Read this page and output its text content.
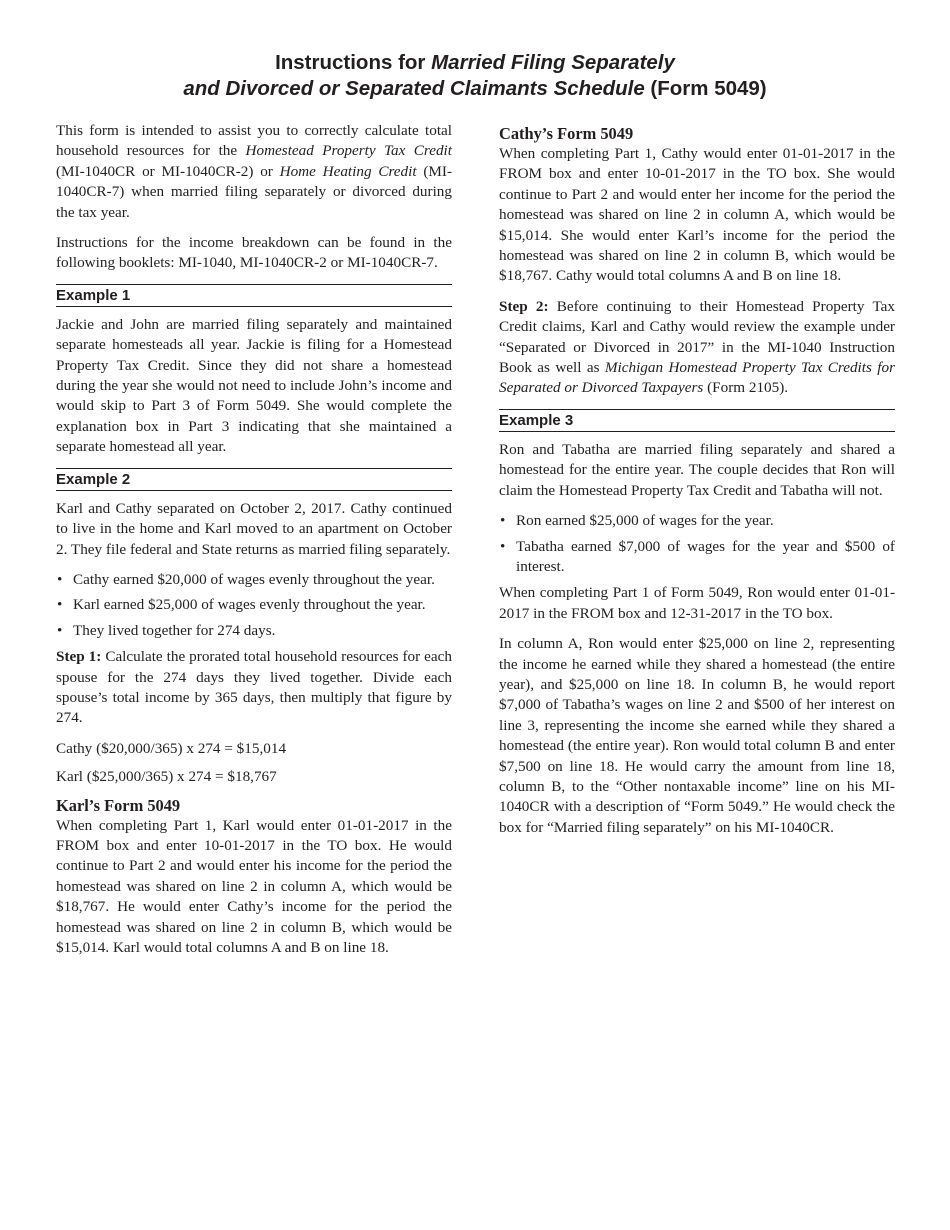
Instructions for Married Filing Separately
and Divorced or Separated Claimants Schedule (Form 5049)

This form is intended to assist you to correctly calculate total household resources for the Homestead Property Tax Credit (MI-1040CR or MI-1040CR-2) or Home Heating Credit (MI-1040CR-7) when married filing separately or divorced during the tax year.

Instructions for the income breakdown can be found in the following booklets: MI-1040, MI-1040CR-2 or MI-1040CR-7.

Example 1

Jackie and John are married filing separately and maintained separate homesteads all year. Jackie is filing for a Homestead Property Tax Credit. Since they did not share a homestead during the year she would not need to include John’s income and would skip to Part 3 of Form 5049. She would complete the explanation box in Part 3 indicating that she maintained a separate homestead all year.

Example 2

Karl and Cathy separated on October 2, 2017. Cathy continued to live in the home and Karl moved to an apartment on October 2. They file federal and State returns as married filing separately.

• Cathy earned $20,000 of wages evenly throughout the year.
• Karl earned $25,000 of wages evenly throughout the year.
• They lived together for 274 days.

Step 1: Calculate the prorated total household resources for each spouse for the 274 days they lived together. Divide each spouse’s total income by 365 days, then multiply that figure by 274.

Cathy ($20,000/365) x 274 = $15,014

Karl ($25,000/365) x 274 = $18,767

Karl’s Form 5049

When completing Part 1, Karl would enter 01-01-2017 in the FROM box and enter 10-01-2017 in the TO box. He would continue to Part 2 and would enter his income for the period the homestead was shared on line 2 in column A, which would be $18,767. He would enter Cathy’s income for the period the homestead was shared on line 2 in column B, which would be $15,014. Karl would total columns A and B on line 18.

Cathy’s Form 5049

When completing Part 1, Cathy would enter 01-01-2017 in the FROM box and enter 10-01-2017 in the TO box. She would continue to Part 2 and would enter her income for the period the homestead was shared on line 2 in column A, which would be $15,014. She would enter Karl’s income for the period the homestead was shared on line 2 in column B, which would be $18,767. Cathy would total columns A and B on line 18.

Step 2: Before continuing to their Homestead Property Tax Credit claims, Karl and Cathy would review the example under “Separated or Divorced in 2017” in the MI-1040 Instruction Book as well as Michigan Homestead Property Tax Credits for Separated or Divorced Taxpayers (Form 2105).

Example 3

Ron and Tabatha are married filing separately and shared a homestead for the entire year. The couple decides that Ron will claim the Homestead Property Tax Credit and Tabatha will not.

• Ron earned $25,000 of wages for the year.
• Tabatha earned $7,000 of wages for the year and $500 of interest.

When completing Part 1 of Form 5049, Ron would enter 01-01-2017 in the FROM box and 12-31-2017 in the TO box.

In column A, Ron would enter $25,000 on line 2, representing the income he earned while they shared a homestead (the entire year), and $25,000 on line 18. In column B, he would report $7,000 of Tabatha’s wages on line 2 and $500 of her interest on line 3, representing the income she earned while they shared a homestead (the entire year). Ron would total column B and enter $7,500 on line 18. He would carry the amount from line 18, column B, to the “Other nontaxable income” line on his MI-1040CR with a description of “Form 5049.” He would check the box for “Married filing separately” on his MI-1040CR.
